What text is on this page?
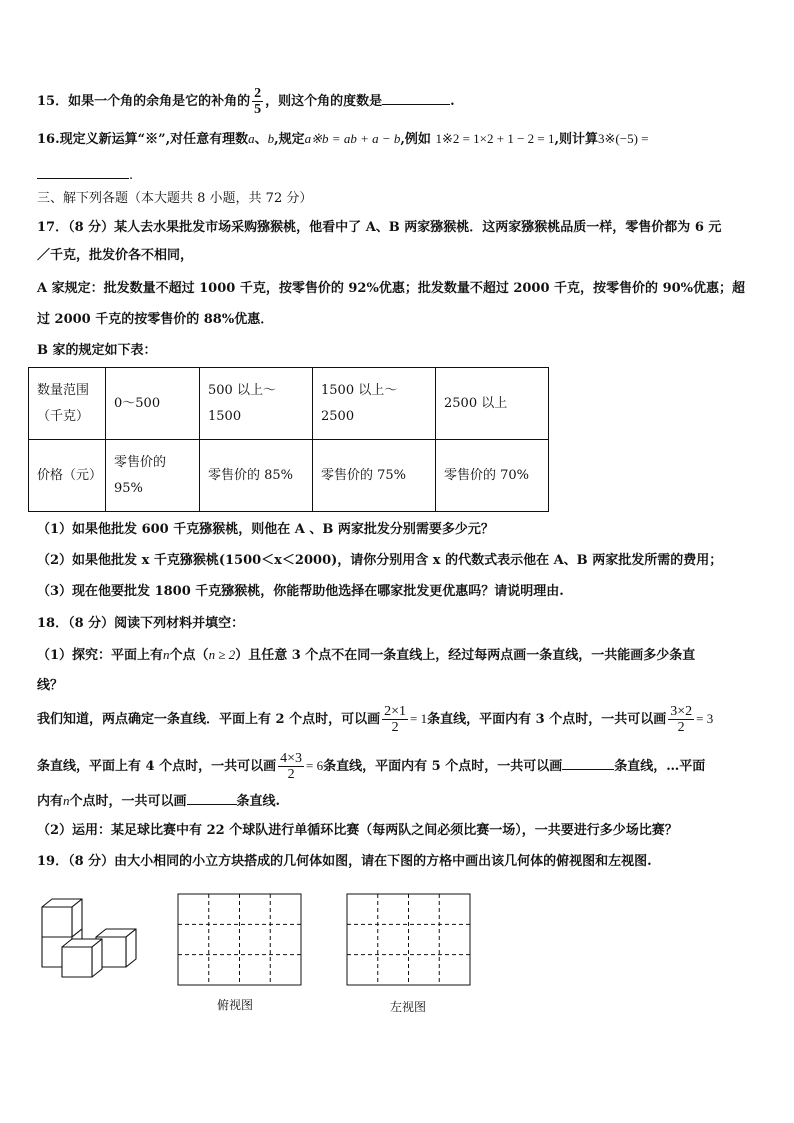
15．如果一个角的余角是它的补角的 $\frac{2}{5}$ ，则这个角的度数是	.
16.现定义新运算“※”,对任意有理数a、b,规定a※b = ab + a − b,例如 1※2 = 1×2 + 1 − 2 = 1,则计算3※(−5) =
.
三、解下列各题（本大题共 8 小题，共 72 分）
17．（8 分）某人去水果批发市场采购猕猴桃，他看中了 A、B 两家猕猴桃．这两家猕猴桃品质一样，零售价都为 6 元
／千克，批发价各不相同，
A 家规定：批发数量不超过 1000 千克，按零售价的 92%优惠；批发数量不超过 2000 千克，按零售价的 90%优惠；超
过 2000 千克的按零售价的 88%优惠．
B 家的规定如下表：
数量范围
（千克）	0～500	500 以上～1500	1500 以上～2500	2500 以上
价格（元）	零售价的
95%	零售价的 85%	零售价的 75%	零售价的 70%
（1）如果他批发 600 千克猕猴桃，则他在 A 、B 两家批发分别需要多少元？
（2）如果他批发 x 千克猕猴桃(1500＜x＜2000)，请你分别用含 x 的代数式表示他在 A、B 两家批发所需的费用；
（3）现在他要批发 1800 千克猕猴桃，你能帮助他选择在哪家批发更优惠吗？请说明理由.
18．（8 分）阅读下列材料并填空：
（1）探究：平面上有n个点（n ≥ 2）且任意 3 个点不在同一条直线上，经过每两点画一条直线，一共能画多少条直
线？
我们知道，两点确定一条直线．平面上有 2 个点时，可以画 $\frac{2\times 1}{2} = 1$条直线，平面内有 3 个点时，一共可以画 $\frac{3\times 2}{2} = 3$
条直线，平面上有 4 个点时，一共可以画 $\frac{4\times 3}{2} = 6$条直线，平面内有 5 个点时，一共可以画	条直线，…平面
内有n个点时，一共可以画	条直线.
（2）运用：某足球比赛中有 22 个球队进行单循环比赛（每两队之间必须比赛一场），一共要进行多少场比赛？
19．（8 分）由大小相同的小立方块搭成的几何体如图，请在下图的方格中画出该几何体的俯视图和左视图.
俯视图	左视图
